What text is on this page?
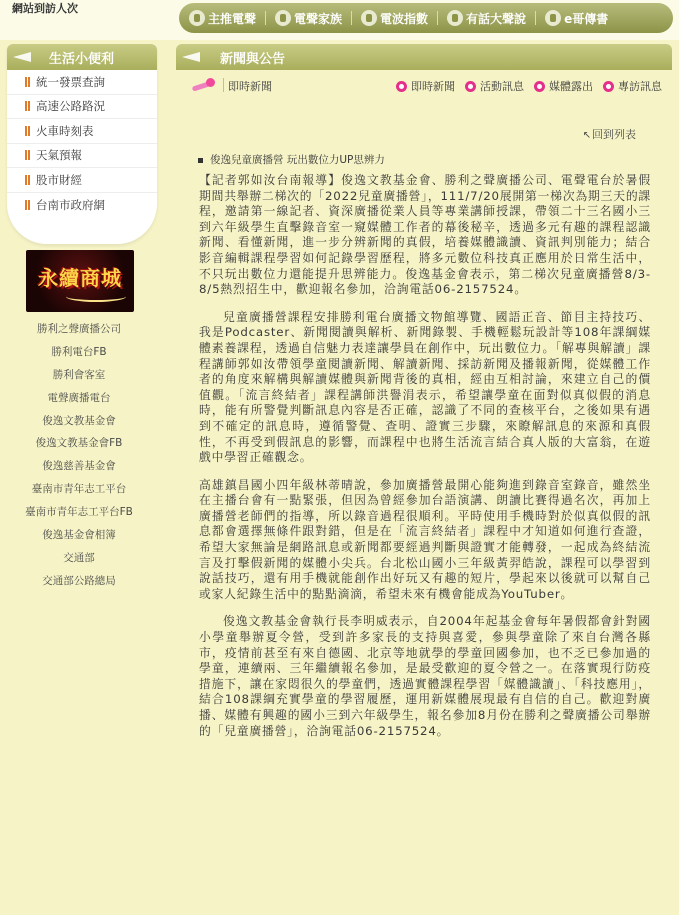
網站到訪人次
主推電聲	電聲家族	電波指數	有話大聲說	e哥傳書
生活小便利
統一發票查詢
高速公路路況
火車時刻表
天氣預報
股市財經
台南市政府網
永續商城
勝利之聲廣播公司
勝利電台FB
勝利會客室
電聲廣播電台
俊逸文教基金會
俊逸文教基金會FB
俊逸慈善基金會
臺南市青年志工平台
臺南市青年志工平台FB
俊逸基金會相簿
交通部
交通部公路總局
新聞與公告
即時新聞	即時新聞 活動訊息 媒體露出 專訪訊息
↖回到列表
俊逸兒童廣播營 玩出數位力UP思辨力

【記者郭如汝台南報導】俊逸文教基金會、勝利之聲廣播公司、電聲電台於暑假期間共舉辦二梯次的「2022兒童廣播營」，111/7/20展開第一梯次為期三天的課程，邀請第一線記者、資深廣播從業人員等專業講師授課，帶領二十三名國小三到六年級學生直擊錄音室一窺媒體工作者的幕後秘辛，透過多元有趣的課程認識新聞、看懂新聞，進一步分辨新聞的真假，培養媒體識讀、資訊判別能力；結合影音編輯課程學習如何記錄學習歷程，將多元數位科技真正應用於日常生活中，不只玩出數位力還能提升思辨能力。俊逸基金會表示，第二梯次兒童廣播營8/3-8/5熱烈招生中，歡迎報名參加，洽詢電話06-2157524。

兒童廣播營課程安排勝利電台廣播文物館導覽、國語正音、節目主持技巧、我是Podcaster、新聞閱讀與解析、新聞錄製、手機輕鬆玩設計等108年課綱媒體素養課程，透過自信魅力表達讓學員在創作中，玩出數位力。「解專與解讀」課程講師郭如汝帶領學童閱讀新聞、解讀新聞、採訪新聞及播報新聞，從媒體工作者的角度來解構與解讀媒體與新聞背後的真相，經由互相討論，來建立自己的價值觀。「流言終結者」課程講師洪譽涓表示，希望讓學童在面對似真似假的消息時，能有所警覺判斷訊息內容是否正確，認識了不同的查核平台，之後如果有遇到不確定的訊息時，遵循警覺、查明、證實三步驟，來瞭解訊息的來源和真假性，不再受到假訊息的影響，而課程中也將生活流言結合真人版的大富翁，在遊戲中學習正確觀念。

高雄鎮昌國小四年級林蒂晴說，參加廣播營最開心能夠進到錄音室錄音，雖然坐在主播台會有一點緊張，但因為曾經參加台語演講、朗讀比賽得過名次，再加上廣播營老師們的指導，所以錄音過程很順利。平時使用手機時對於似真似假的訊息都會選擇無條件跟對錯，但是在「流言終結者」課程中才知道如何進行查證，希望大家無論是網路訊息或新聞都要經過判斷與證實才能轉發，一起成為終結流言及打擊假新聞的媒體小尖兵。台北松山國小三年級黃羿皓說，課程可以學習到說話技巧，還有用手機就能創作出好玩又有趣的短片，學起來以後就可以幫自己或家人紀錄生活中的點點滴滴，希望未來有機會能成為YouTuber。

俊逸文教基金會執行長李明威表示，自2004年起基金會每年暑假都會針對國小學童舉辦夏令營，受到許多家長的支持與喜愛，參與學童除了來自台灣各縣市，疫情前甚至有來自德國、北京等地就學的學童回國參加，也不乏已參加過的學童，連續兩、三年繼續報名參加，是最受歡迎的夏令營之一。在落實現行防疫措施下，讓在家悶很久的學童們，透過實體課程學習「媒體識讀」、「科技應用」，結合108課綱充實學童的學習履歷，運用新媒體展現最有自信的自己。歡迎對廣播、媒體有興趣的國小三到六年級學生，報名參加8月份在勝利之聲廣播公司舉辦的「兒童廣播營」，洽詢電話06-2157524。
